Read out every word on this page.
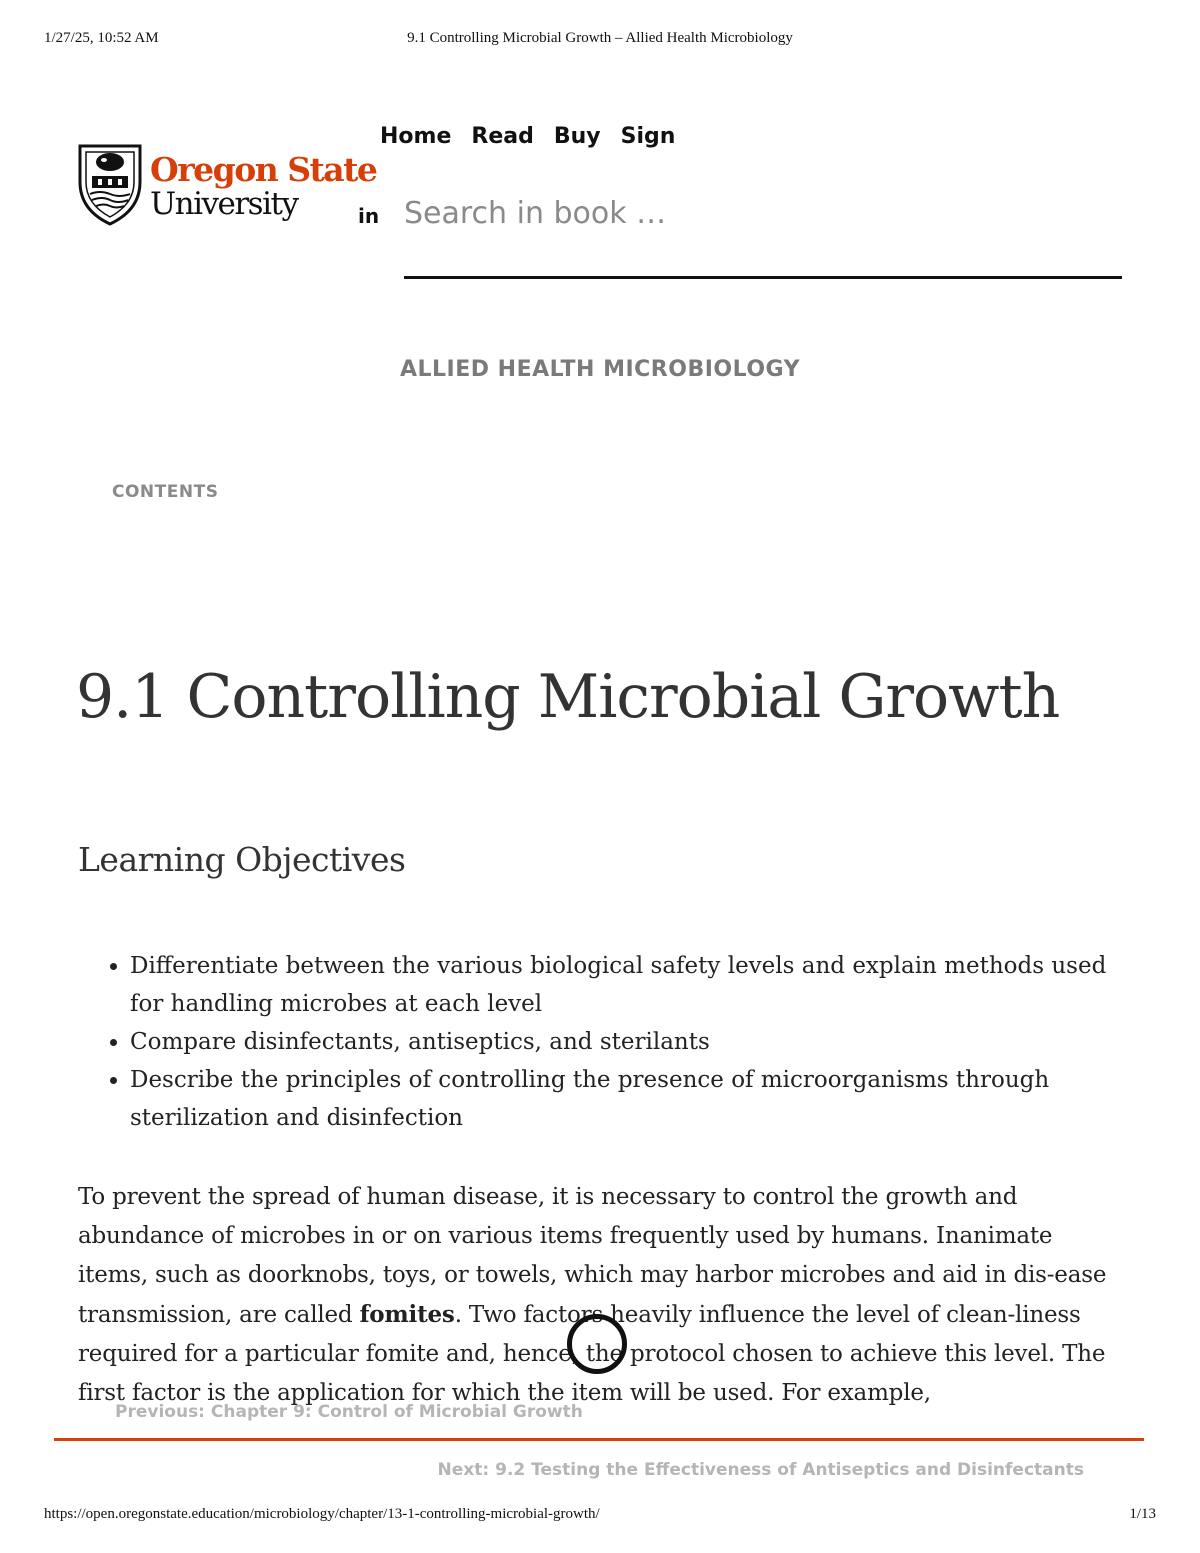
1/27/25, 10:52 AM	9.1 Controlling Microbial Growth – Allied Health Microbiology
Oregon State
University
Home Read Buy Sign
in Search in book …
ALLIED HEALTH MICROBIOLOGY
CONTENTS
9.1 Controlling Microbial Growth
Learning Objectives
• Differentiate between the various biological safety levels and explain methods used for handling microbes at each level
• Compare disinfectants, antiseptics, and sterilants
• Describe the principles of controlling the presence of microorganisms through sterilization and disinfection

To prevent the spread of human disease, it is necessary to control the growth and abundance of microbes in or on various items frequently used by humans. Inanimate items, such as doorknobs, toys, or towels, which may harbor microbes and aid in dis-ease transmission, are called fomites. Two factors heavily influence the level of clean-liness required for a particular fomite and, hence, the protocol chosen to achieve this level. The first factor is the application for which the item will be used. For example,

Previous: Chapter 9: Control of Microbial Growth
Next: 9.2 Testing the Effectiveness of Antiseptics and Disinfectants
https://open.oregonstate.education/microbiology/chapter/13-1-controlling-microbial-growth/	1/13
